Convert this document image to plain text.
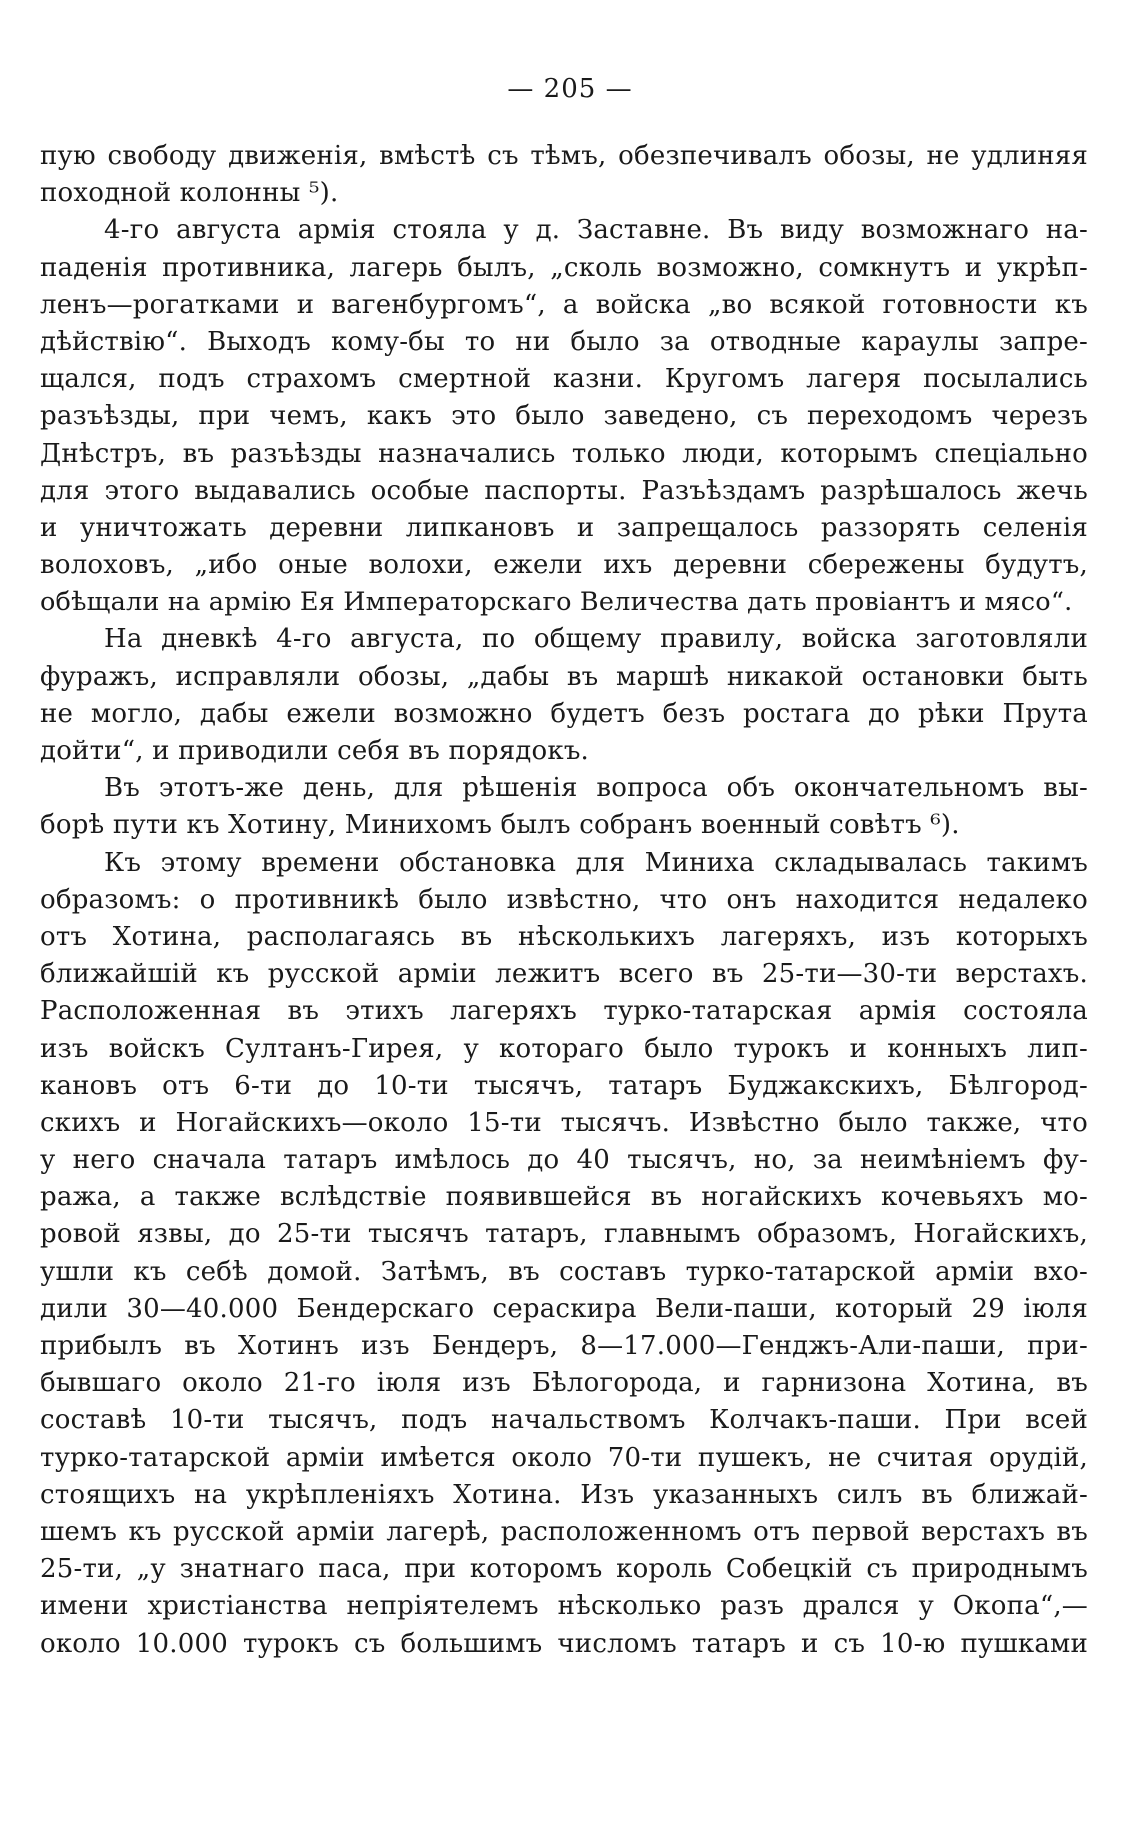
— 205 —
пую свободу движенія, вмѣстѣ съ тѣмъ, обезпечивалъ обозы, не удлиняя
походной колонны ⁵).
4-го августа армія стояла у д. Заставне. Въ виду возможнаго на-
паденія противника, лагерь былъ, „сколь возможно, сомкнутъ и укрѣп-
ленъ—рогатками и вагенбургомъ“, а войска „во всякой готовности къ
дѣйствію“. Выходъ кому-бы то ни было за отводные караулы запре-
щался, подъ страхомъ смертной казни. Кругомъ лагеря посылались
разъѣзды, при чемъ, какъ это было заведено, съ переходомъ черезъ
Днѣстръ, въ разъѣзды назначались только люди, которымъ спеціально
для этого выдавались особые паспорты. Разъѣздамъ разрѣшалось жечь
и уничтожать деревни липкановъ и запрещалось раззорять селенія
волоховъ, „ибо оные волохи, ежели ихъ деревни сбережены будутъ,
обѣщали на армію Ея Императорскаго Величества дать провіантъ и мясо“.
На дневкѣ 4-го августа, по общему правилу, войска заготовляли
фуражъ, исправляли обозы, „дабы въ маршѣ никакой остановки быть
не могло, дабы ежели возможно будетъ безъ ростага до рѣки Прута
дойти“, и приводили себя въ порядокъ.
Въ этотъ-же день, для рѣшенія вопроса объ окончательномъ вы-
борѣ пути къ Хотину, Минихомъ былъ собранъ военный совѣтъ ⁶).
Къ этому времени обстановка для Миниха складывалась такимъ
образомъ: о противникѣ было извѣстно, что онъ находится недалеко
отъ Хотина, располагаясь въ нѣсколькихъ лагеряхъ, изъ которыхъ
ближайшій къ русской арміи лежитъ всего въ 25-ти—30-ти верстахъ.
Расположенная въ этихъ лагеряхъ турко-татарская армія состояла
изъ войскъ Султанъ-Гирея, у котораго было турокъ и конныхъ лип-
кановъ отъ 6-ти до 10-ти тысячъ, татаръ Буджакскихъ, Бѣлгород-
скихъ и Ногайскихъ—около 15-ти тысячъ. Извѣстно было также, что
у него сначала татаръ имѣлось до 40 тысячъ, но, за неимѣніемъ фу-
ража, а также вслѣдствіе появившейся въ ногайскихъ кочевьяхъ мо-
ровой язвы, до 25-ти тысячъ татаръ, главнымъ образомъ, Ногайскихъ,
ушли къ себѣ домой. Затѣмъ, въ составъ турко-татарской арміи вхо-
дили 30—40.000 Бендерскаго сераскира Вели-паши, который 29 іюля
прибылъ въ Хотинъ изъ Бендеръ, 8—17.000—Генджъ-Али-паши, при-
бывшаго около 21-го іюля изъ Бѣлогорода, и гарнизона Хотина, въ
составѣ 10-ти тысячъ, подъ начальствомъ Колчакъ-паши. При всей
турко-татарской арміи имѣется около 70-ти пушекъ, не считая орудій,
стоящихъ на укрѣпленіяхъ Хотина. Изъ указанныхъ силъ въ ближай-
шемъ къ русской арміи лагерѣ, расположенномъ отъ первой верстахъ въ
25-ти, „у знатнаго паса, при которомъ король Собецкій съ природнымъ
имени христіанства непріятелемъ нѣсколько разъ дрался у Окопа“,—
около 10.000 турокъ съ большимъ числомъ татаръ и съ 10-ю пушками
